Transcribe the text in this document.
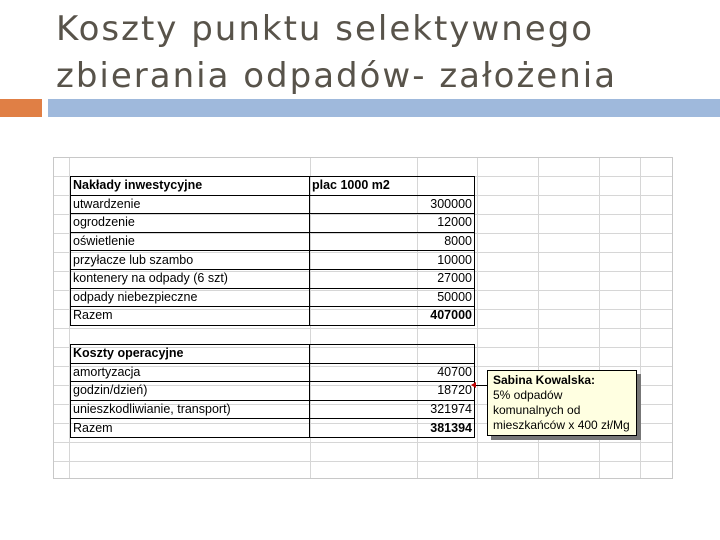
Koszty punktu selektywnego
zbierania odpadów- założenia
Nakłady inwestycyjne	plac 1000 m2
utwardzenie	300000
ogrodzenie	12000
oświetlenie	8000
przyłacze lub szambo	10000
kontenery na odpady (6 szt)	27000
odpady niebezpieczne	50000
Razem	407000
Koszty operacyjne	
amortyzacja	40700
godzin/dzień)	18720
unieszkodliwianie, transport)	321974
Razem	381394
Sabina Kowalska:
5% odpadów
komunalnych od
mieszkańców x 400 zł/Mg
